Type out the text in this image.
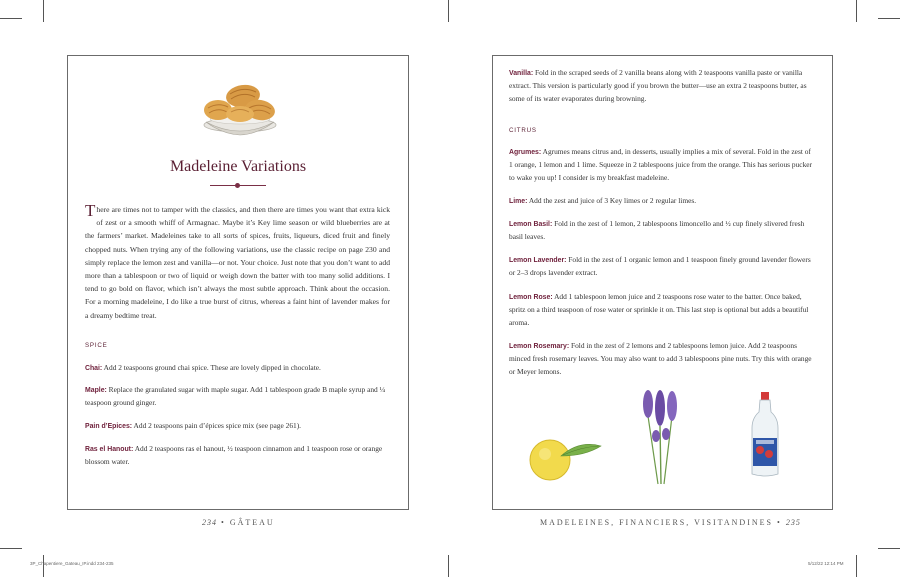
Madeleine Variations

There are times not to tamper with the classics, and then there are times you want that extra kick of zest or a smooth whiff of Armagnac. Maybe it’s Key lime season or wild blueberries are at the farmers’ market. Madeleines take to all sorts of spices, fruits, liqueurs, diced fruit and finely chopped nuts. When trying any of the following variations, use the classic recipe on page 230 and simply replace the lemon zest and vanilla—or not. Your choice. Just note that you don’t want to add more than a tablespoon or two of liquid or weigh down the batter with too many solid additions. I tend to go bold on flavor, which isn’t always the most subtle approach. Think about the occasion. For a morning madeleine, I do like a true burst of citrus, whereas a faint hint of lavender makes for a dreamy bedtime treat.

SPICE

Chai: Add 2 teaspoons ground chai spice. These are lovely dipped in chocolate.

Maple: Replace the granulated sugar with maple sugar. Add 1 tablespoon grade B maple syrup and ¼ teaspoon ground ginger.

Pain d’Epices: Add 2 teaspoons pain d’épices spice mix (see page 261).

Ras el Hanout: Add 2 teaspoons ras el hanout, ½ teaspoon cinnamon and 1 teaspoon rose or orange blossom water.

234 • GÂTEAU

Vanilla: Fold in the scraped seeds of 2 vanilla beans along with 2 teaspoons vanilla paste or vanilla extract. This version is particularly good if you brown the butter—use an extra 2 teaspoons butter, as some of its water evaporates during browning.

CITRUS

Agrumes: Agrumes means citrus and, in desserts, usually implies a mix of several. Fold in the zest of 1 orange, 1 lemon and 1 lime. Squeeze in 2 tablespoons juice from the orange. This has serious pucker to wake you up! I consider is my breakfast madeleine.

Lime: Add the zest and juice of 3 Key limes or 2 regular limes.

Lemon Basil: Fold in the zest of 1 lemon, 2 tablespoons limoncello and ½ cup finely slivered fresh basil leaves.

Lemon Lavender: Fold in the zest of 1 organic lemon and 1 teaspoon finely ground lavender flowers or 2–3 drops lavender extract.

Lemon Rose: Add 1 tablespoon lemon juice and 2 teaspoons rose water to the batter. Once baked, spritz on a third teaspoon of rose water or sprinkle it on. This last step is optional but adds a beautiful aroma.

Lemon Rosemary: Fold in the zest of 2 lemons and 2 tablespoons lemon juice. Add 2 teaspoons minced fresh rosemary leaves. You may also want to add 3 tablespoons pine nuts. Try this with orange or Meyer lemons.

MADELEINES, FINANCIERS, VISITANDINES • 235

3P_Chapentiere_Gateau_IP.indd 234-235	5/12/22 12:14 PM
